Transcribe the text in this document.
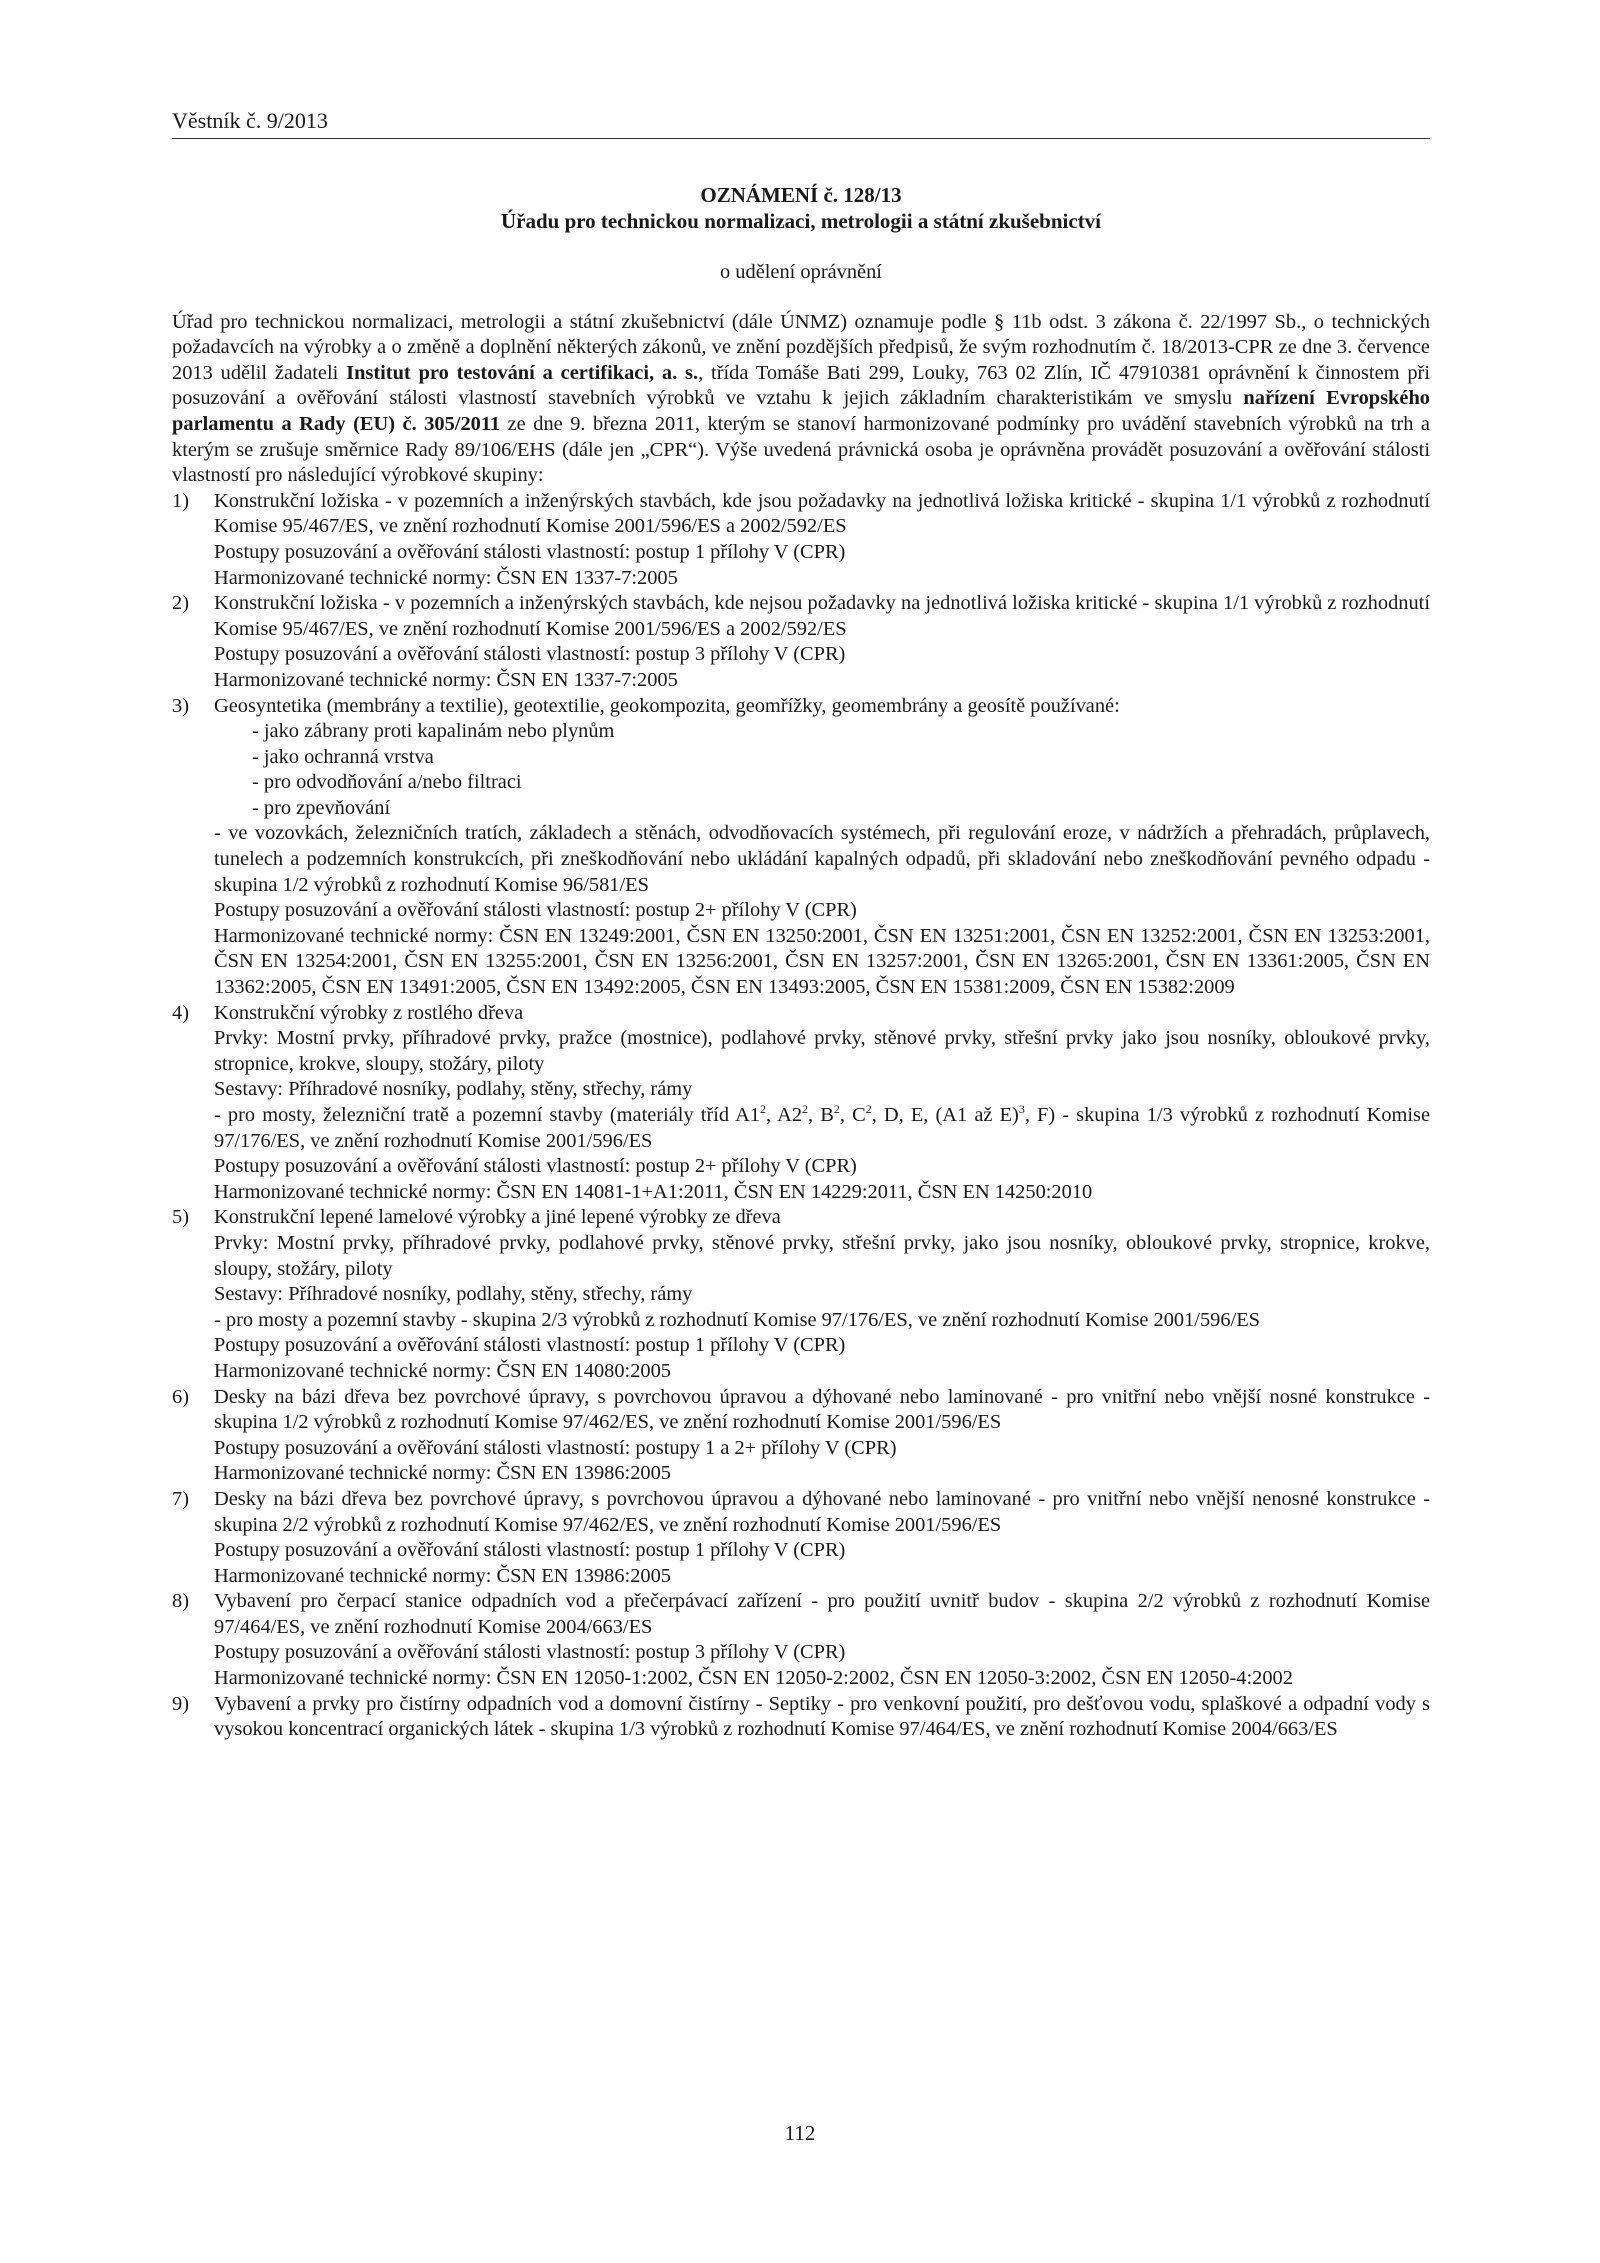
Věstník č. 9/2013
OZNÁMENÍ č. 128/13
Úřadu pro technickou normalizaci, metrologii a státní zkušebnictví
o udělení oprávnění

Úřad pro technickou normalizaci, metrologii a státní zkušebnictví (dále ÚNMZ) oznamuje podle § 11b odst. 3 zákona č. 22/1997 Sb., o technických požadavcích na výrobky a o změně a doplnění některých zákonů, ve znění pozdějších předpisů, že svým rozhodnutím č. 18/2013-CPR ze dne 3. července 2013 udělil žadateli Institut pro testování a certifikaci, a. s., třída Tomáše Bati 299, Louky, 763 02 Zlín, IČ 47910381 oprávnění k činnostem při posuzování a ověřování stálosti vlastností stavebních výrobků ve vztahu k jejich základním charakteristikám ve smyslu nařízení Evropského parlamentu a Rady (EU) č. 305/2011 ze dne 9. března 2011, kterým se stanoví harmonizované podmínky pro uvádění stavebních výrobků na trh a kterým se zrušuje směrnice Rady 89/106/EHS (dále jen „CPR“). Výše uvedená právnická osoba je oprávněna provádět posuzování a ověřování stálosti vlastností pro následující výrobkové skupiny:

1) Konstrukční ložiska - v pozemních a inženýrských stavbách, kde jsou požadavky na jednotlivá ložiska kritické - skupina 1/1 výrobků z rozhodnutí Komise 95/467/ES, ve znění rozhodnutí Komise 2001/596/ES a 2002/592/ES
Postupy posuzování a ověřování stálosti vlastností: postup 1 přílohy V (CPR)
Harmonizované technické normy: ČSN EN 1337-7:2005
2) Konstrukční ložiska - v pozemních a inženýrských stavbách, kde nejsou požadavky na jednotlivá ložiska kritické - skupina 1/1 výrobků z rozhodnutí Komise 95/467/ES, ve znění rozhodnutí Komise 2001/596/ES a 2002/592/ES
Postupy posuzování a ověřování stálosti vlastností: postup 3 přílohy V (CPR)
Harmonizované technické normy: ČSN EN 1337-7:2005
3) Geosyntetika (membrány a textilie), geotextilie, geokompozita, geomřížky, geomembrány a geosítě používané:
- jako zábrany proti kapalinám nebo plynům
- jako ochranná vrstva
- pro odvodňování a/nebo filtraci
- pro zpevňování
- ve vozovkách, železničních tratích, základech a stěnách, odvodňovacích systémech, při regulování eroze, v nádržích a přehradách, průplavech, tunelech a podzemních konstrukcích, při zneškodňování nebo ukládání kapalných odpadů, při skladování nebo zneškodňování pevného odpadu - skupina 1/2 výrobků z rozhodnutí Komise 96/581/ES
Postupy posuzování a ověřování stálosti vlastností: postup 2+ přílohy V (CPR)
Harmonizované technické normy: ČSN EN 13249:2001, ČSN EN 13250:2001, ČSN EN 13251:2001, ČSN EN 13252:2001, ČSN EN 13253:2001, ČSN EN 13254:2001, ČSN EN 13255:2001, ČSN EN 13256:2001, ČSN EN 13257:2001, ČSN EN 13265:2001, ČSN EN 13361:2005, ČSN EN 13362:2005, ČSN EN 13491:2005, ČSN EN 13492:2005, ČSN EN 13493:2005, ČSN EN 15381:2009, ČSN EN 15382:2009
4) Konstrukční výrobky z rostlého dřeva
Prvky: Mostní prvky, příhradové prvky, pražce (mostnice), podlahové prvky, stěnové prvky, střešní prvky jako jsou nosníky, obloukové prvky, stropnice, krokve, sloupy, stožáry, piloty
Sestavy: Příhradové nosníky, podlahy, stěny, střechy, rámy
- pro mosty, železniční tratě a pozemní stavby (materiály tříd $A1^2$, $A2^2$, $B^2$, $C^2$, D, E, (A1 až E)$^3$, F) - skupina 1/3 výrobků z rozhodnutí Komise 97/176/ES, ve znění rozhodnutí Komise 2001/596/ES
Postupy posuzování a ověřování stálosti vlastností: postup 2+ přílohy V (CPR)
Harmonizované technické normy: ČSN EN 14081-1+A1:2011, ČSN EN 14229:2011, ČSN EN 14250:2010
5) Konstrukční lepené lamelové výrobky a jiné lepené výrobky ze dřeva
Prvky: Mostní prvky, příhradové prvky, podlahové prvky, stěnové prvky, střešní prvky, jako jsou nosníky, obloukové prvky, stropnice, krokve, sloupy, stožáry, piloty
Sestavy: Příhradové nosníky, podlahy, stěny, střechy, rámy
- pro mosty a pozemní stavby - skupina 2/3 výrobků z rozhodnutí Komise 97/176/ES, ve znění rozhodnutí Komise 2001/596/ES
Postupy posuzování a ověřování stálosti vlastností: postup 1 přílohy V (CPR)
Harmonizované technické normy: ČSN EN 14080:2005
6) Desky na bázi dřeva bez povrchové úpravy, s povrchovou úpravou a dýhované nebo laminované - pro vnitřní nebo vnější nosné konstrukce - skupina 1/2 výrobků z rozhodnutí Komise 97/462/ES, ve znění rozhodnutí Komise 2001/596/ES
Postupy posuzování a ověřování stálosti vlastností: postupy 1 a 2+ přílohy V (CPR)
Harmonizované technické normy: ČSN EN 13986:2005
7) Desky na bázi dřeva bez povrchové úpravy, s povrchovou úpravou a dýhované nebo laminované - pro vnitřní nebo vnější nenosné konstrukce - skupina 2/2 výrobků z rozhodnutí Komise 97/462/ES, ve znění rozhodnutí Komise 2001/596/ES
Postupy posuzování a ověřování stálosti vlastností: postup 1 přílohy V (CPR)
Harmonizované technické normy: ČSN EN 13986:2005
8) Vybavení pro čerpací stanice odpadních vod a přečerpávací zařízení - pro použití uvnitř budov - skupina 2/2 výrobků z rozhodnutí Komise 97/464/ES, ve znění rozhodnutí Komise 2004/663/ES
Postupy posuzování a ověřování stálosti vlastností: postup 3 přílohy V (CPR)
Harmonizované technické normy: ČSN EN 12050-1:2002, ČSN EN 12050-2:2002, ČSN EN 12050-3:2002, ČSN EN 12050-4:2002
9) Vybavení a prvky pro čistírny odpadních vod a domovní čistírny - Septiky - pro venkovní použití, pro dešťovou vodu, splaškové a odpadní vody s vysokou koncentrací organických látek - skupina 1/3 výrobků z rozhodnutí Komise 97/464/ES, ve znění rozhodnutí Komise 2004/663/ES
112
